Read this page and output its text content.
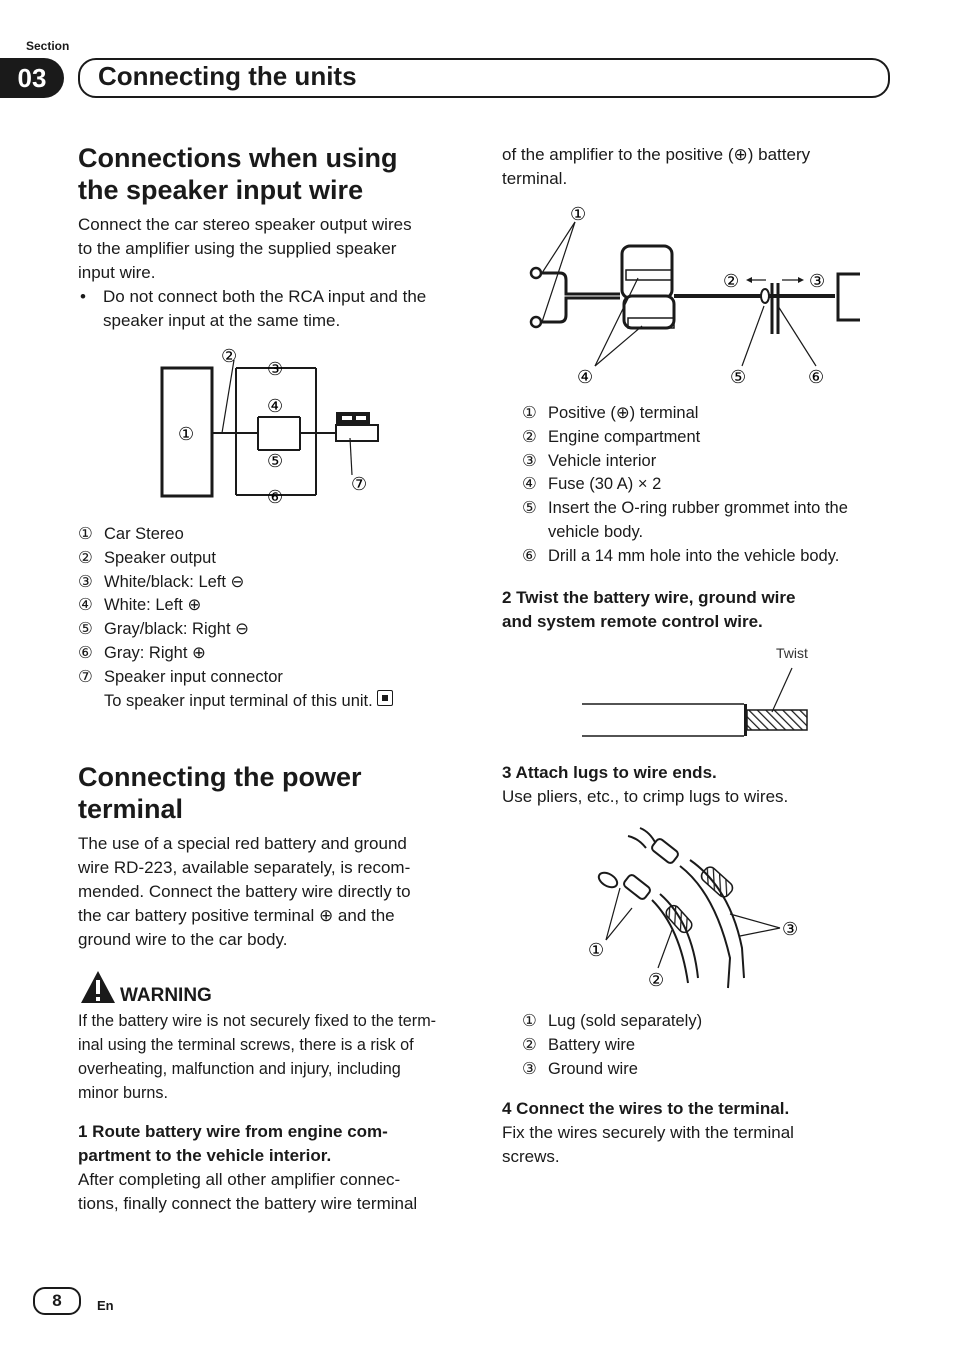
Section
03	Connecting the units
Connections when using
the speaker input wire
Connect the car stereo speaker output wires
to the amplifier using the supplied speaker
input wire.
• Do not connect both the RCA input and the
speaker input at the same time.
①
②
③
④
⑤
⑥
⑦
① Car Stereo
② Speaker output
③ White/black: Left ⊖
④ White: Left ⊕
⑤ Gray/black: Right ⊖
⑥ Gray: Right ⊕
⑦ Speaker input connector
To speaker input terminal of this unit.
Connecting the power
terminal
The use of a special red battery and ground
wire RD-223, available separately, is recom-
mended. Connect the battery wire directly to
the car battery positive terminal ⊕ and the
ground wire to the car body.
WARNING
If the battery wire is not securely fixed to the term-
inal using the terminal screws, there is a risk of
overheating, malfunction and injury, including
minor burns.
1 Route battery wire from engine com-
partment to the vehicle interior.
After completing all other amplifier connec-
tions, finally connect the battery wire terminal
of the amplifier to the positive (⊕) battery
terminal.
①
②	③
④	⑤	⑥
① Positive (⊕) terminal
② Engine compartment
③ Vehicle interior
④ Fuse (30 A) × 2
⑤ Insert the O-ring rubber grommet into the
vehicle body.
⑥ Drill a 14 mm hole into the vehicle body.
2 Twist the battery wire, ground wire
and system remote control wire.
Twist
3 Attach lugs to wire ends.
Use pliers, etc., to crimp lugs to wires.
①
②
③
① Lug (sold separately)
② Battery wire
③ Ground wire
4 Connect the wires to the terminal.
Fix the wires securely with the terminal
screws.
8	En
